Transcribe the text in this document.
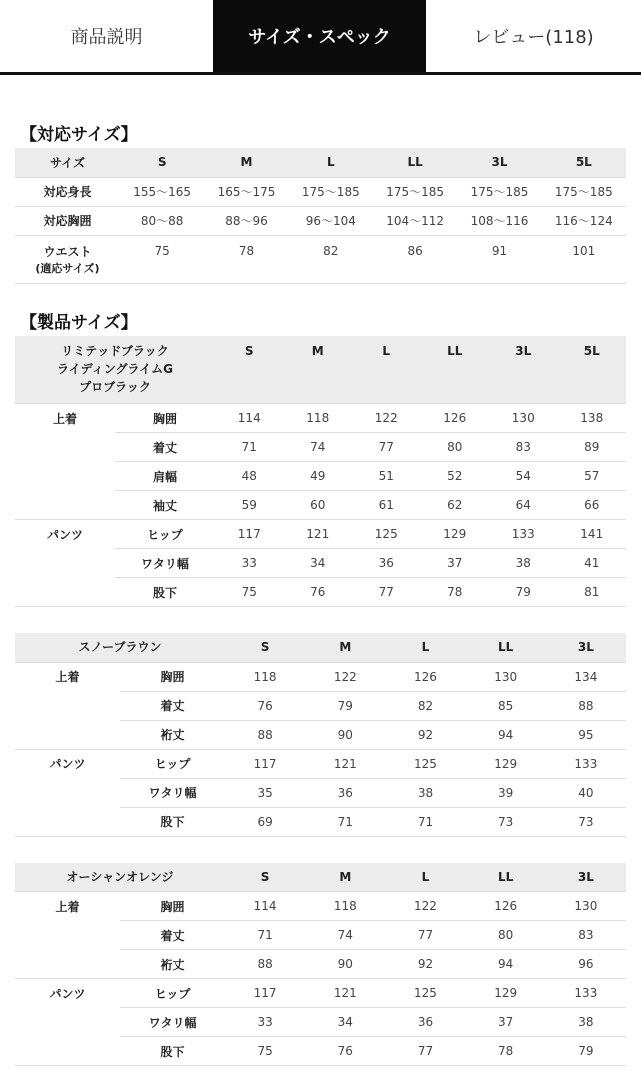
商品説明	サイズ・スペック	レビュー(118)
【対応サイズ】
サイズ	S	M	L	LL	3L	5L
対応身長	155〜165	165〜175	175〜185	175〜185	175〜185	175〜185
対応胸囲	80〜88	88〜96	96〜104	104〜112	108〜116	116〜124

ウエスト
(適応サイズ)	75	78	82	86	91	101
【製品サイズ】
リミテッドブラック
ライディングライムG
プロブラック		S	M	L	LL	3L	5L
上着	胸囲	114	118	122	126	130	138
	着丈	71	74	77	80	83	89
	肩幅	48	49	51	52	54	57
	袖丈	59	60	61	62	64	66
パンツ	ヒップ	117	121	125	129	133	141
	ワタリ幅	33	34	36	37	38	41
	股下	75	76	77	78	79	81
スノーブラウン		S	M	L	LL	3L
上着	胸囲	118	122	126	130	134
	着丈	76	79	82	85	88
	裄丈	88	90	92	94	95
パンツ	ヒップ	117	121	125	129	133
	ワタリ幅	35	36	38	39	40
	股下	69	71	71	73	73
オーシャンオレンジ		S	M	L	LL	3L
上着	胸囲	114	118	122	126	130
	着丈	71	74	77	80	83
	裄丈	88	90	92	94	96
パンツ	ヒップ	117	121	125	129	133
	ワタリ幅	33	34	36	37	38
	股下	75	76	77	78	79
